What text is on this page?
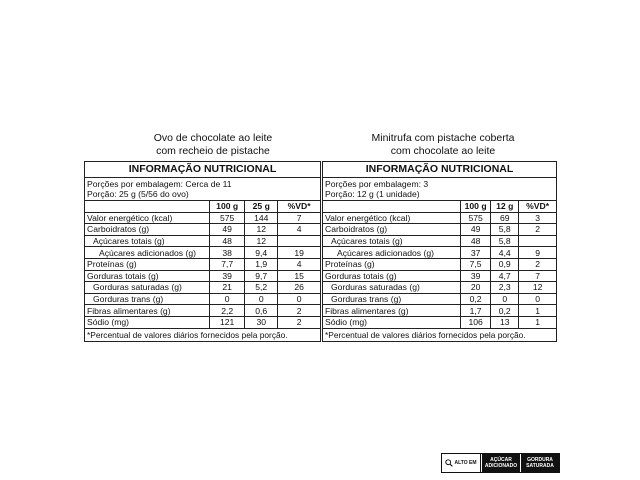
Ovo de chocolate ao leite
com recheio de pistache
INFORMAÇÃO NUTRICIONAL
Porções por embalagem: Cerca de 11
Porção: 25 g (5/56 do ovo)
	100 g	25 g	%VD*
Valor energético (kcal)	575	144	7
Carboidratos (g)	49	12	4
Açúcares totais (g)	48	12	
Açúcares adicionados (g)	38	9,4	19
Proteínas (g)	7,7	1,9	4
Gorduras totais (g)	39	9,7	15
Gorduras saturadas (g)	21	5,2	26
Gorduras trans (g)	0	0	0
Fibras alimentares (g)	2,2	0,6	2
Sódio (mg)	121	30	2
*Percentual de valores diários fornecidos pela porção.
Minitrufa com pistache coberta
com chocolate ao leite
INFORMAÇÃO NUTRICIONAL
Porções por embalagem: 3
Porção: 12 g (1 unidade)
	100 g	12 g	%VD*
Valor energético (kcal)	575	69	3
Carboidratos (g)	49	5,8	2
Açúcares totais (g)	48	5,8	
Açúcares adicionados (g)	37	4,4	9
Proteínas (g)	7,5	0,9	2
Gorduras totais (g)	39	4,7	7
Gorduras saturadas (g)	20	2,3	12
Gorduras trans (g)	0,2	0	0
Fibras alimentares (g)	1,7	0,2	1
Sódio (mg)	106	13	1
*Percentual de valores diários fornecidos pela porção.
ALTO EM	AÇÚCAR
ADICIONADO
GORDURA
SATURADA
